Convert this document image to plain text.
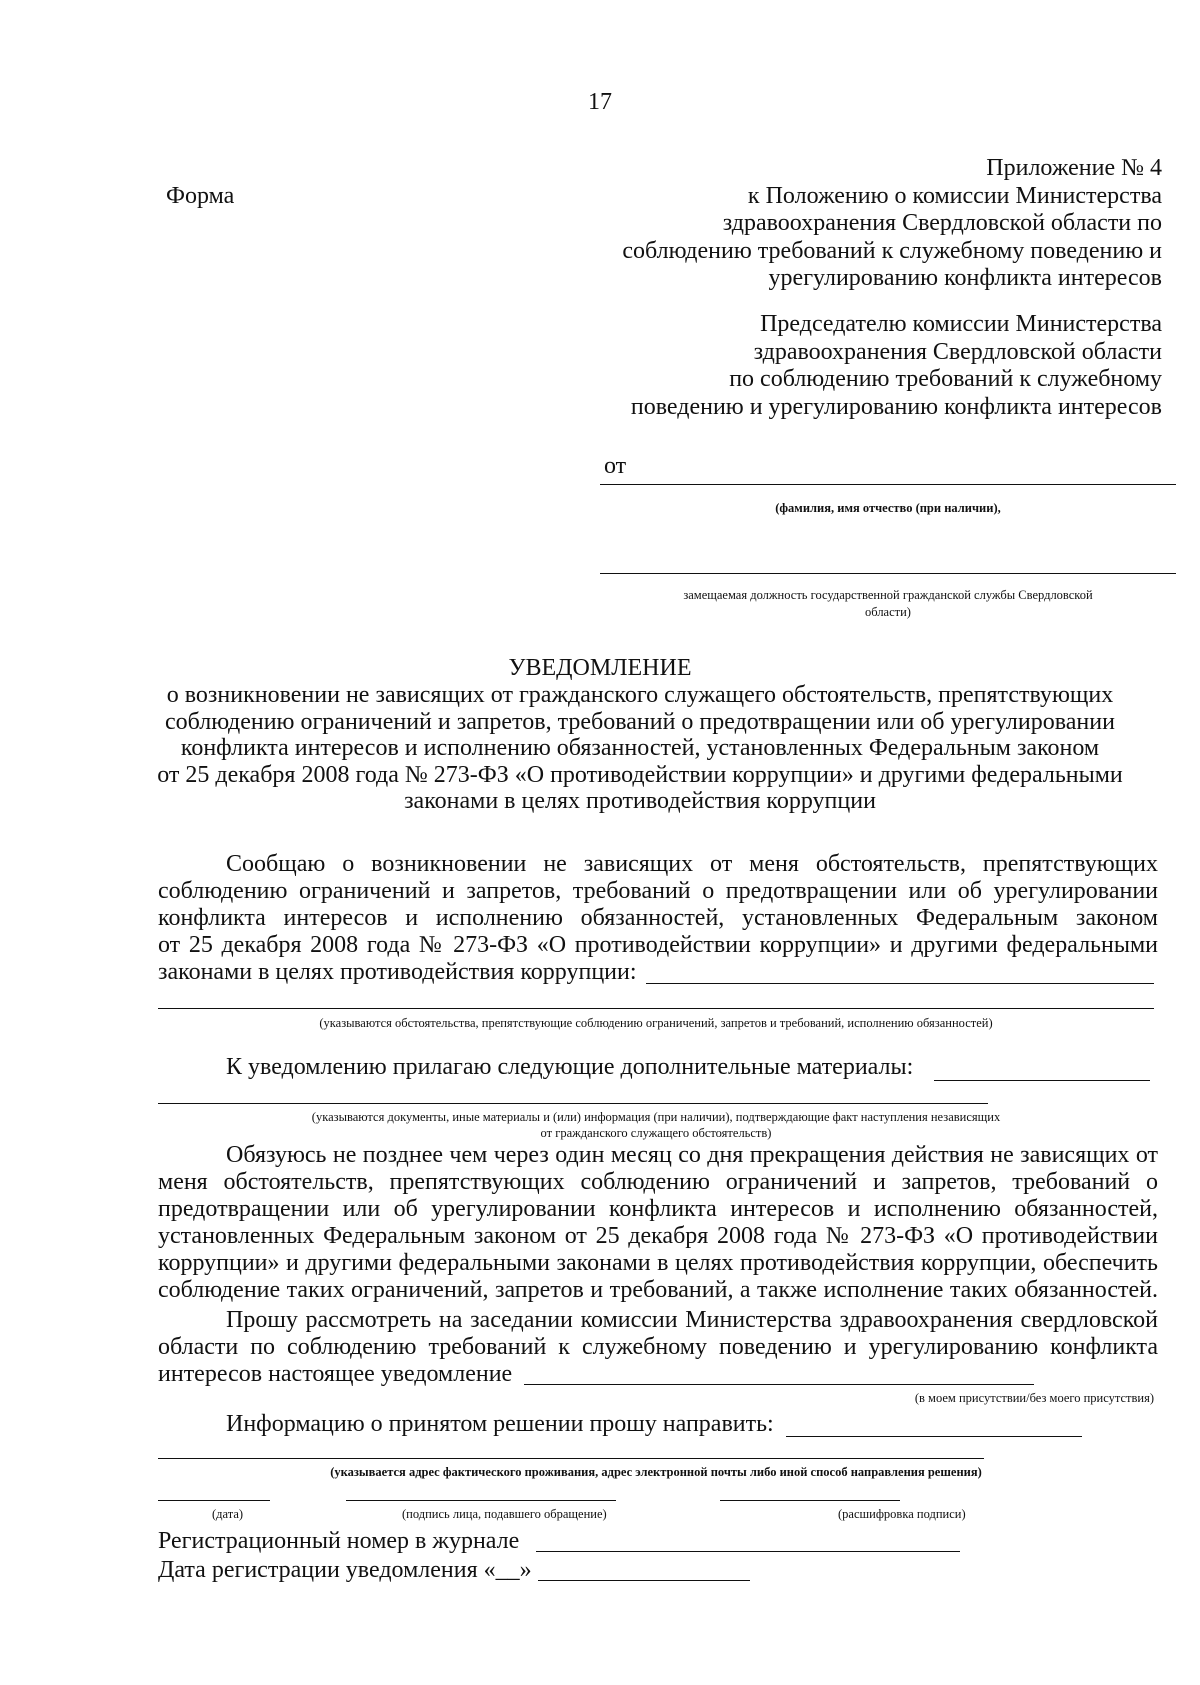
17
Форма
Приложение № 4
к Положению о комиссии Министерства
здравоохранения Свердловской области по
соблюдению требований к служебному поведению и
урегулированию конфликта интересов
Председателю комиссии Министерства
здравоохранения Свердловской области
по соблюдению требований к служебному
поведению и урегулированию конфликта интересов
от
(фамилия, имя отчество (при наличии),
замещаемая должность государственной гражданской службы Свердловской
области)
УВЕДОМЛЕНИЕ
о возникновении не зависящих от гражданского служащего обстоятельств, препятствующих
соблюдению ограничений и запретов, требований о предотвращении или об урегулировании
конфликта интересов и исполнению обязанностей, установленных Федеральным законом
от 25 декабря 2008 года № 273-ФЗ «О противодействии коррупции» и другими федеральными
законами в целях противодействия коррупции
Сообщаю о возникновении не зависящих от меня обстоятельств, препятствующих
соблюдению ограничений и запретов, требований о предотвращении или об урегулировании
конфликта интересов и исполнению обязанностей, установленных Федеральным законом
от 25 декабря 2008 года № 273-ФЗ «О противодействии коррупции» и другими федеральными
законами в целях противодействия коррупции:
(указываются обстоятельства, препятствующие соблюдению ограничений, запретов и требований, исполнению обязанностей)
К уведомлению прилагаю следующие дополнительные материалы:
(указываются документы, иные материалы и (или) информация (при наличии), подтверждающие факт наступления независящих
от гражданского служащего обстоятельств)
Обязуюсь не позднее чем через один месяц со дня прекращения действия не зависящих от
меня обстоятельств, препятствующих соблюдению ограничений и запретов, требований о
предотвращении или об урегулировании конфликта интересов и исполнению обязанностей,
установленных Федеральным законом от 25 декабря 2008 года № 273-ФЗ «О противодействии
коррупции» и другими федеральными законами в целях противодействия коррупции, обеспечить
соблюдение таких ограничений, запретов и требований, а также исполнение таких обязанностей.
Прошу рассмотреть на заседании комиссии Министерства здравоохранения свердловской
области по соблюдению требований к служебному поведению и урегулированию конфликта
интересов настоящее уведомление
(в моем присутствии/без моего присутствия)
Информацию о принятом решении прошу направить:
(указывается адрес фактического проживания, адрес электронной почты либо иной способ направления решения)
(дата)	(подпись лица, подавшего обращение)	(расшифровка подписи)
Регистрационный номер в журнале
Дата регистрации уведомления «__»
